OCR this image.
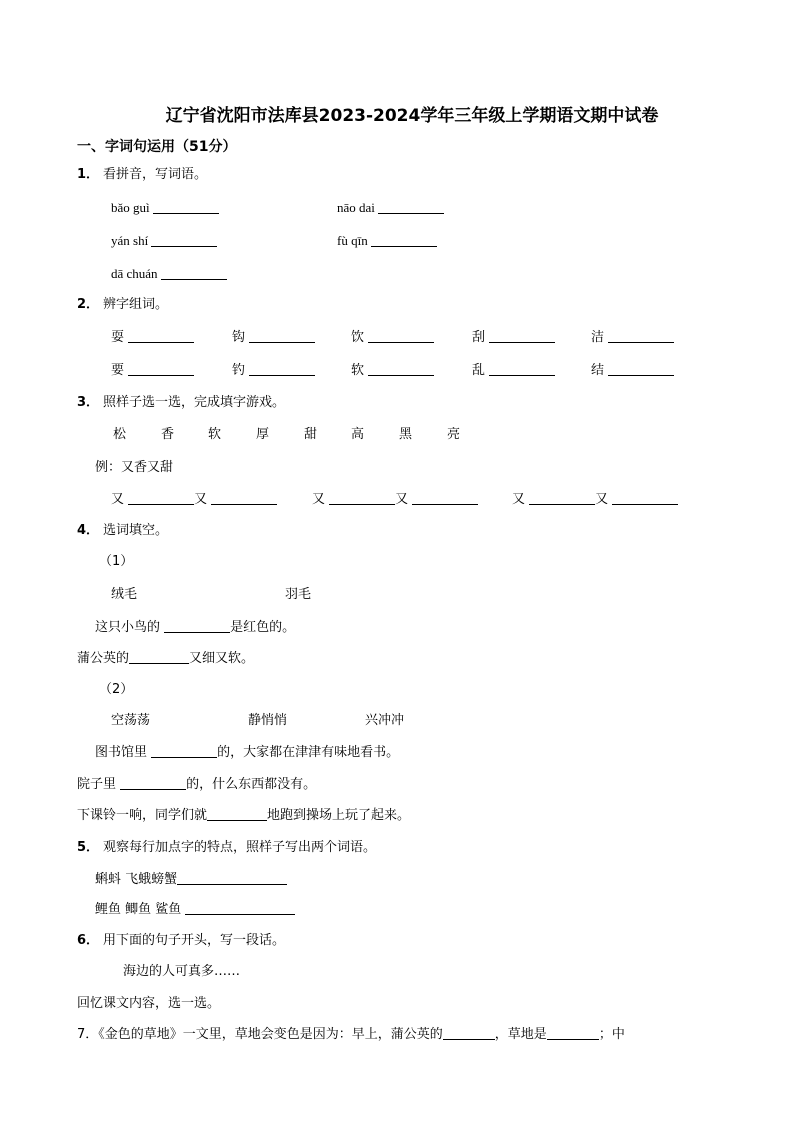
辽宁省沈阳市法库县2023-2024学年三年级上学期语文期中试卷
一、字词句运用（51分）
1． 看拼音，写词语。
bǎo guì	nāo dai
yán shí	fù qīn
dā chuán
2． 辨字组词。
耍	钩	饮	刮	洁
要	钓	软	乱	结
3． 照样子选一选，完成填字游戏。
松	香	软	厚	甜	高	黑	亮
例：又香又甜
又	又	又	又	又	又
4． 选词填空。
（1）
绒毛	羽毛
这只小鸟的	是红色的。
蒲公英的	又细又软。
（2）
空荡荡	静悄悄	兴冲冲
图书馆里	的，大家都在津津有味地看书。
院子里	的，什么东西都没有。
下课铃一响，同学们就	地跑到操场上玩了起来。
5． 观察每行加点字的特点，照样子写出两个词语。
蝌蚪 飞蛾螃蟹
鲤鱼 鲫鱼 鲨鱼
6． 用下面的句子开头，写一段话。
海边的人可真多……
回忆课文内容，选一选。
7．《金色的草地》一文里，草地会变色是因为：早上，蒲公英的	，草地是	；中
